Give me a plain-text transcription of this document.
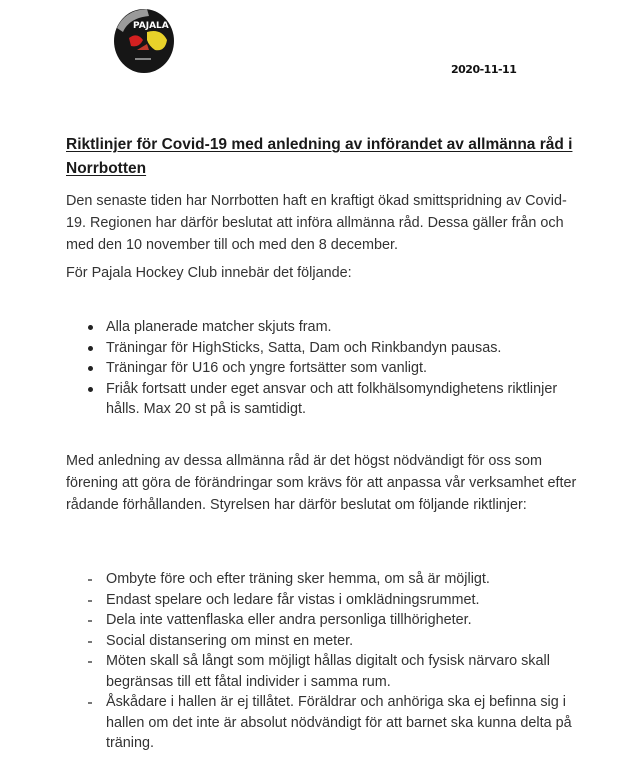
PAJALA
2020-11-11
Riktlinjer för Covid-19 med anledning av införandet av allmänna råd i Norrbotten
Den senaste tiden har Norrbotten haft en kraftigt ökad smittspridning av Covid-19. Regionen har därför beslutat att införa allmänna råd. Dessa gäller från och med den 10 november till och med den 8 december.
För Pajala Hockey Club innebär det följande:
Alla planerade matcher skjuts fram.
Träningar för HighSticks, Satta, Dam och Rinkbandyn pausas.
Träningar för U16 och yngre fortsätter som vanligt.
Friåk fortsatt under eget ansvar och att folkhälsomyndighetens riktlinjer hålls. Max 20 st på is samtidigt.
Med anledning av dessa allmänna råd är det högst nödvändigt för oss som förening att göra de förändringar som krävs för att anpassa vår verksamhet efter rådande förhållanden. Styrelsen har därför beslutat om följande riktlinjer:
Ombyte före och efter träning sker hemma, om så är möjligt.
Endast spelare och ledare får vistas i omklädningsrummet.
Dela inte vattenflaska eller andra personliga tillhörigheter.
Social distansering om minst en meter.
Möten skall så långt som möjligt hållas digitalt och fysisk närvaro skall begränsas till ett fåtal individer i samma rum.
Åskådare i hallen är ej tillåtet. Föräldrar och anhöriga ska ej befinna sig i hallen om det inte är absolut nödvändigt för att barnet ska kunna delta på träning.
